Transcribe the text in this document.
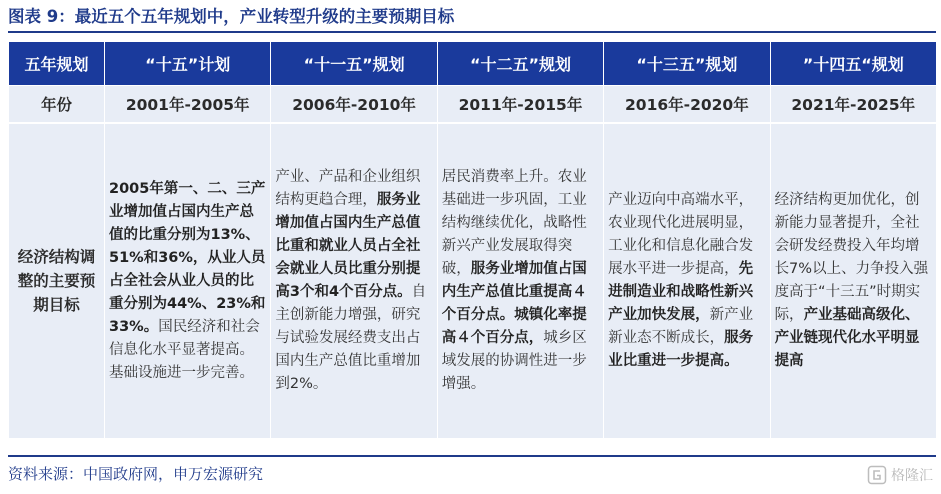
图表 9：最近五个五年规划中，产业转型升级的主要预期目标
五年规划	“十五”计划	“十一五”规划	“十二五”规划	“十三五”规划	”十四五“规划
年份	2001年-2005年	2006年-2010年	2011年-2015年	2016年-2020年	2021年-2025年
经济结构调整的主要预期目标	2005年第一、二、三产业增加值占国内生产总值的比重分别为13%、51%和36%，从业人员占全社会从业人员的比重分别为44%、23%和33%。国民经济和社会信息化水平显著提高。基础设施进一步完善。	产业、产品和企业组织结构更趋合理，服务业增加值占国内生产总值比重和就业人员占全社会就业人员比重分别提高3个和4个百分点。自主创新能力增强，研究与试验发展经费支出占国内生产总值比重增加到2%。	居民消费率上升。农业基础进一步巩固，工业结构继续优化，战略性新兴产业发展取得突破，服务业增加值占国内生产总值比重提高４个百分点。城镇化率提高４个百分点，城乡区域发展的协调性进一步增强。	产业迈向中高端水平，农业现代化进展明显，工业化和信息化融合发展水平进一步提高，先进制造业和战略性新兴产业加快发展，新产业新业态不断成长，服务业比重进一步提高。	经济结构更加优化，创新能力显著提升，全社会研发经费投入年均增长7%以上、力争投入强度高于“十三五”时期实际，产业基础高级化、产业链现代化水平明显提高
资料来源：中国政府网，申万宏源研究	格隆汇
